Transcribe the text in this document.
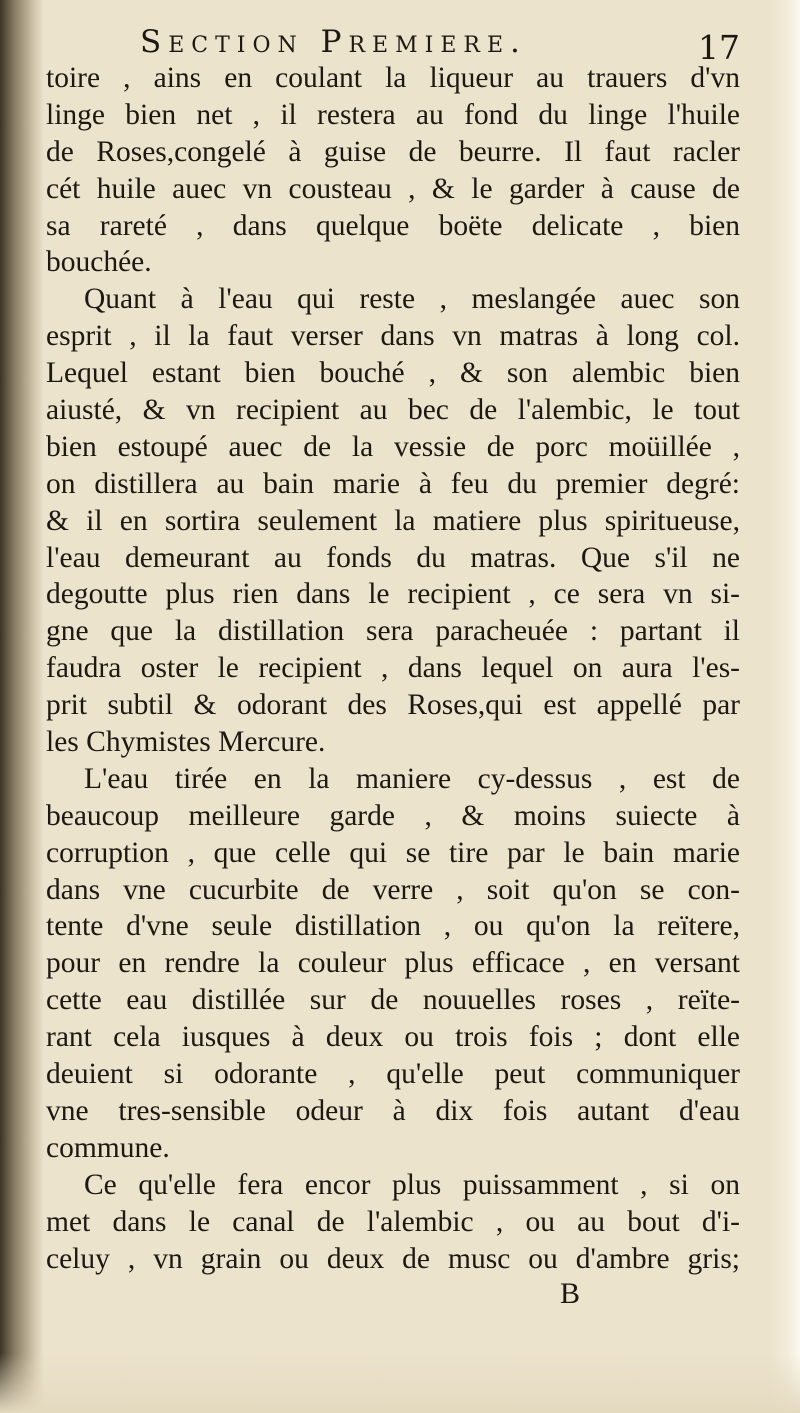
Section Premiere.	17
toire , ains en coulant la liqueur au trauers d'vn
linge bien net , il restera au fond du linge l'huile
de Roses,congelé à guise de beurre. Il faut racler
cét huile auec vn cousteau , & le garder à cause de
sa rareté , dans quelque boëte delicate , bien
bouchée.
Quant à l'eau qui reste , meslangée auec son
esprit , il la faut verser dans vn matras à long col.
Lequel estant bien bouché , & son alembic bien
aiusté, & vn recipient au bec de l'alembic, le tout
bien estoupé auec de la vessie de porc moüillée ,
on distillera au bain marie à feu du premier degré:
& il en sortira seulement la matiere plus spiritueuse,
l'eau demeurant au fonds du matras. Que s'il ne
degoutte plus rien dans le recipient , ce sera vn si-
gne que la distillation sera paracheuée : partant il
faudra oster le recipient , dans lequel on aura l'es-
prit subtil & odorant des Roses,qui est appellé par
les Chymistes Mercure.
L'eau tirée en la maniere cy-dessus , est de
beaucoup meilleure garde , & moins suiecte à
corruption , que celle qui se tire par le bain marie
dans vne cucurbite de verre , soit qu'on se con-
tente d'vne seule distillation , ou qu'on la reïtere,
pour en rendre la couleur plus efficace , en versant
cette eau distillée sur de nouuelles roses , reïte-
rant cela iusques à deux ou trois fois ; dont elle
deuient si odorante , qu'elle peut communiquer
vne tres-sensible odeur à dix fois autant d'eau
commune.
Ce qu'elle fera encor plus puissamment , si on
met dans le canal de l'alembic , ou au bout d'i-
celuy , vn grain ou deux de musc ou d'ambre gris;
B
